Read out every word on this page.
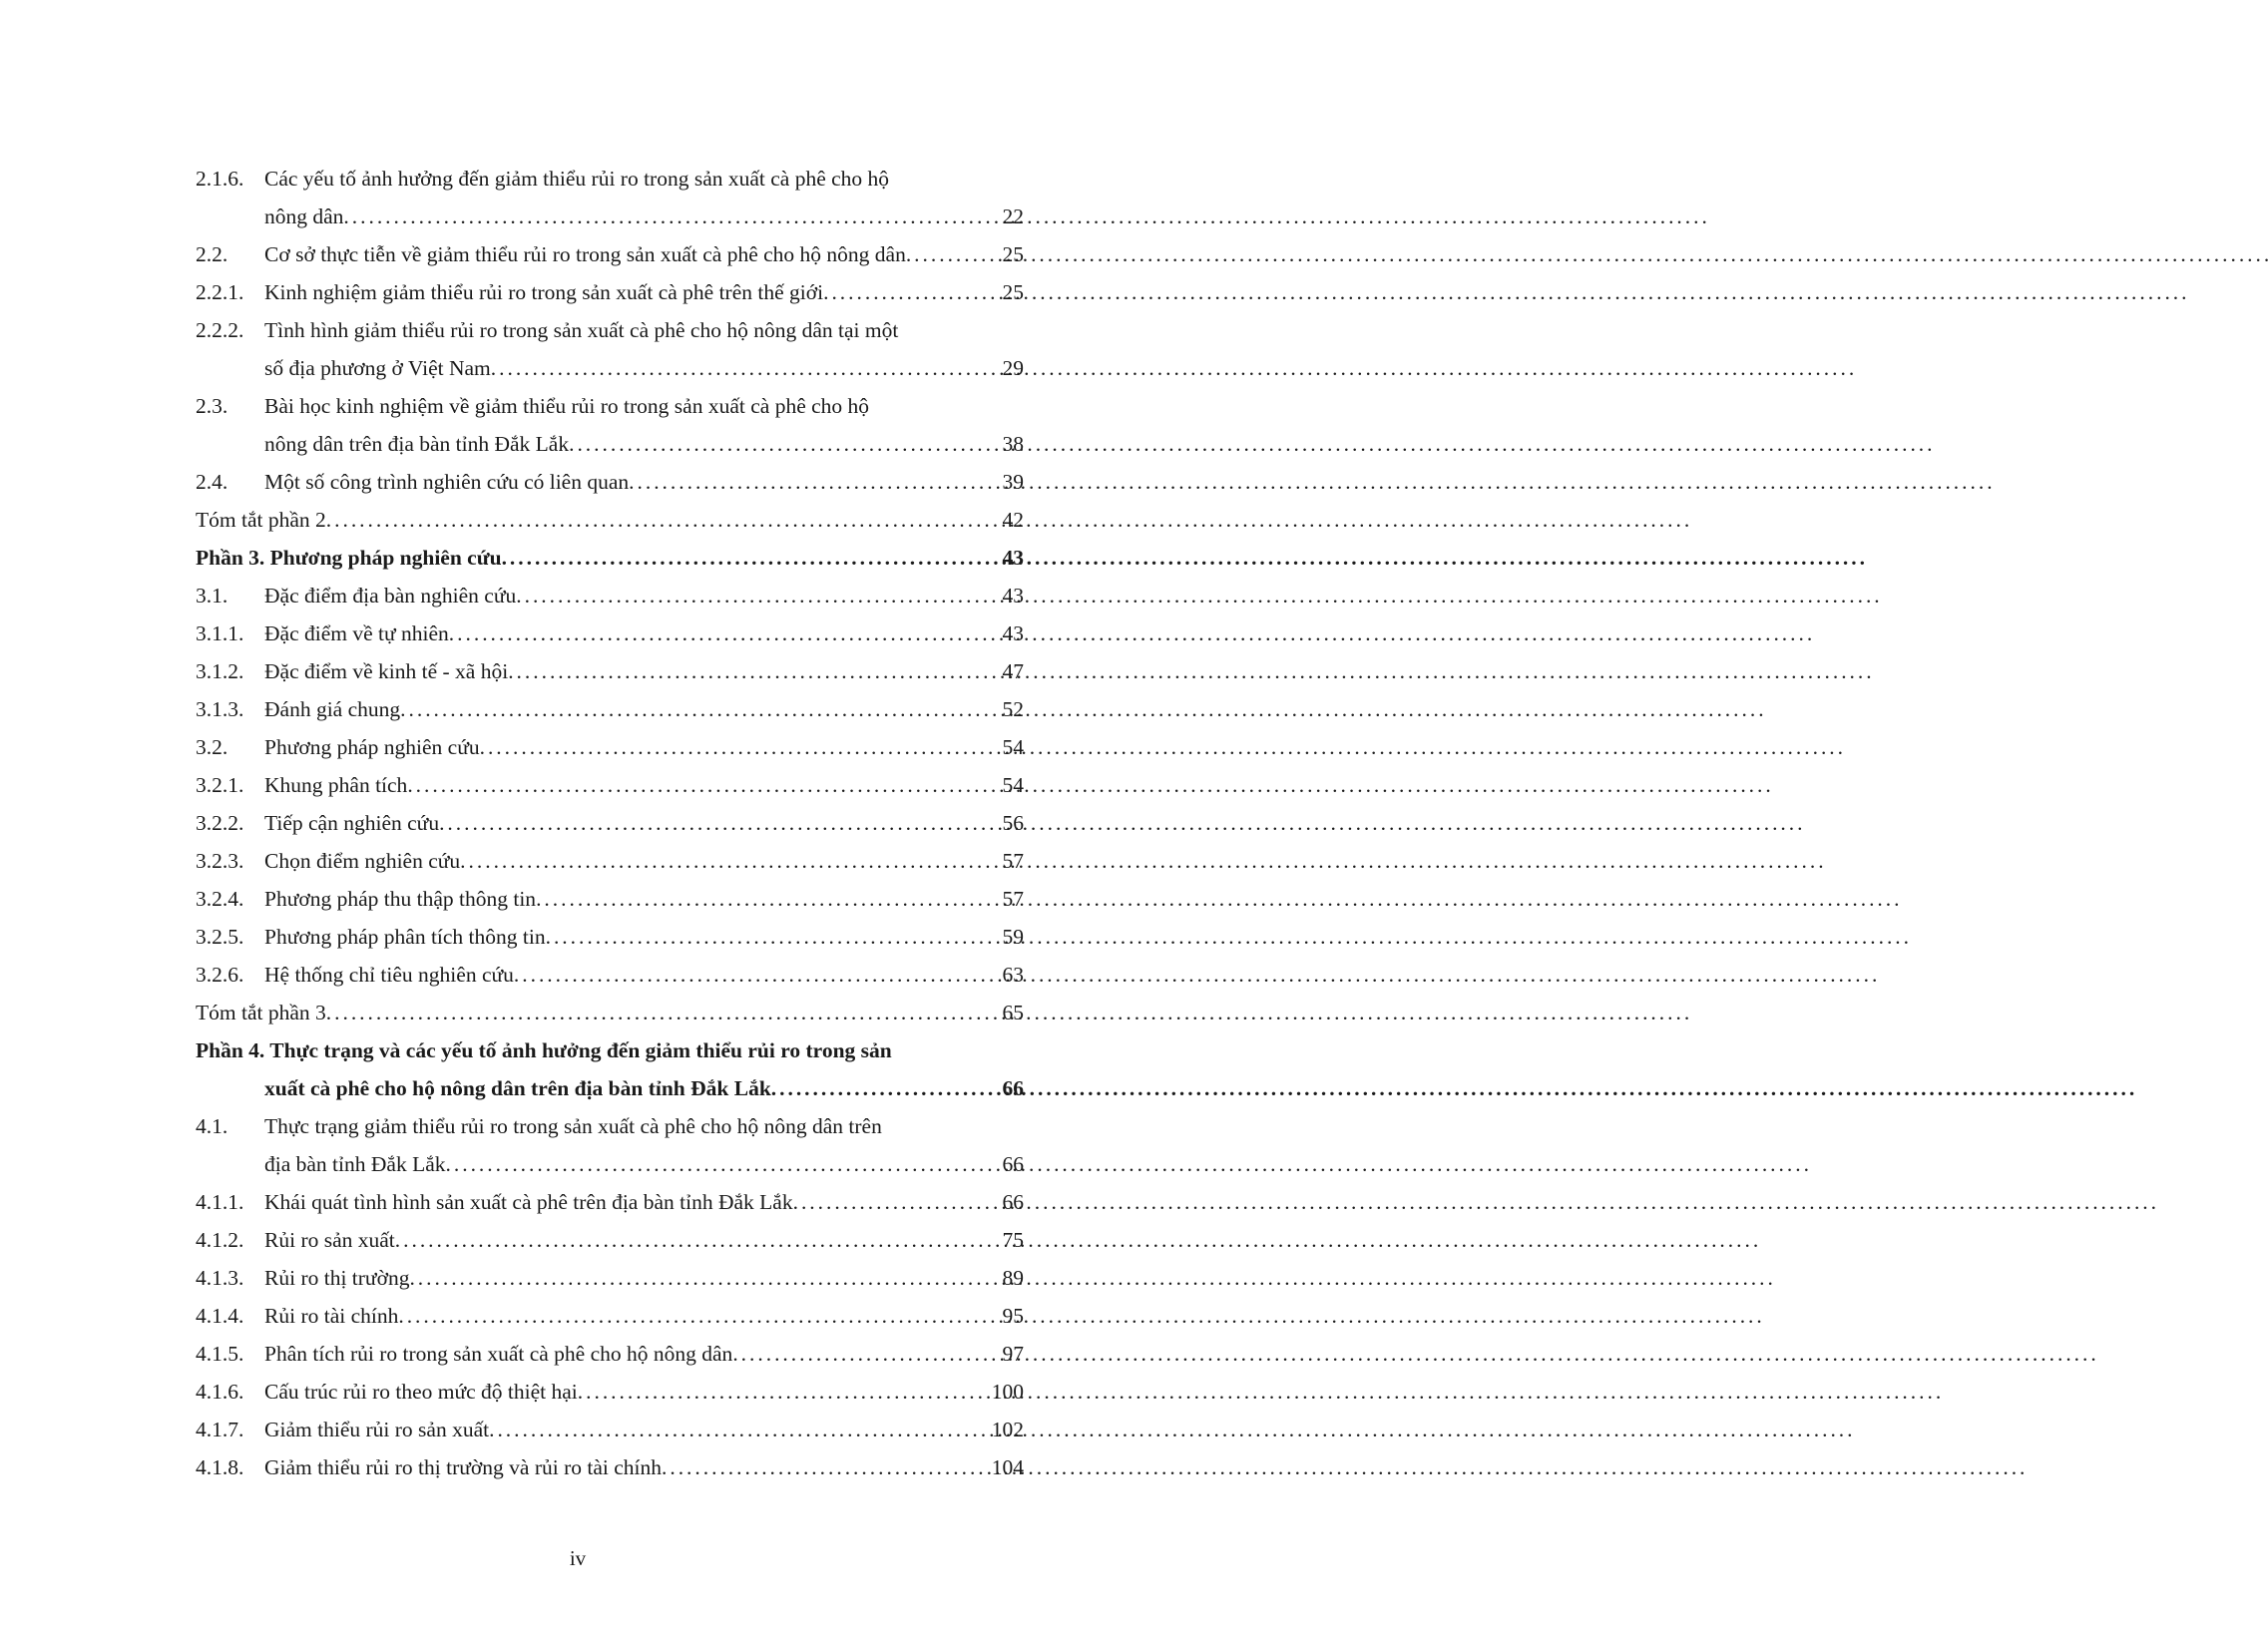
2.1.6. Các yếu tố ảnh hưởng đến giảm thiểu rủi ro trong sản xuất cà phê cho hộ
nông dân . . .	22
2.2.	Cơ sở thực tiễn về giảm thiểu rủi ro trong sản xuất cà phê cho hộ nông dân . . .	25
2.2.1. Kinh nghiệm giảm thiểu rủi ro trong sản xuất cà phê trên thế giới . . .	25
2.2.2. Tình hình giảm thiểu rủi ro trong sản xuất cà phê cho hộ nông dân tại một
số địa phương ở Việt Nam . . .	29
2.3.	Bài học kinh nghiệm về giảm thiểu rủi ro trong sản xuất cà phê cho hộ
nông dân trên địa bàn tỉnh Đắk Lắk . . .	38
2.4.	Một số công trình nghiên cứu có liên quan . . .	39
Tóm tắt phần 2 . . .	42
Phần 3. Phương pháp nghiên cứu . . .	43
3.1.	Đặc điểm địa bàn nghiên cứu . . .	43
3.1.1. Đặc điểm về tự nhiên . . .	43
3.1.2. Đặc điểm về kinh tế - xã hội . . .	47
3.1.3. Đánh giá chung . . .	52
3.2.	Phương pháp nghiên cứu . . .	54
3.2.1. Khung phân tích . . .	54
3.2.2. Tiếp cận nghiên cứu . . .	56
3.2.3. Chọn điểm nghiên cứu . . .	57
3.2.4. Phương pháp thu thập thông tin . . .	57
3.2.5. Phương pháp phân tích thông tin . . .	59
3.2.6. Hệ thống chỉ tiêu nghiên cứu . . .	63
Tóm tắt phần 3 . . .	65
Phần 4. Thực trạng và các yếu tố ảnh hưởng đến giảm thiểu rủi ro trong sản
xuất cà phê cho hộ nông dân trên địa bàn tỉnh Đắk Lắk . . .	66
4.1.	Thực trạng giảm thiểu rủi ro trong sản xuất cà phê cho hộ nông dân trên
địa bàn tỉnh Đắk Lắk . . .	66
4.1.1. Khái quát tình hình sản xuất cà phê trên địa bàn tỉnh Đắk Lắk . . .	66
4.1.2. Rủi ro sản xuất . . .	75
4.1.3. Rủi ro thị trường . . .	89
4.1.4. Rủi ro tài chính . . .	95
4.1.5. Phân tích rủi ro trong sản xuất cà phê cho hộ nông dân . . .	97
4.1.6. Cấu trúc rủi ro theo mức độ thiệt hại . . .	100
4.1.7. Giảm thiểu rủi ro sản xuất . . .	102
4.1.8. Giảm thiểu rủi ro thị trường và rủi ro tài chính . . .	104
iv
